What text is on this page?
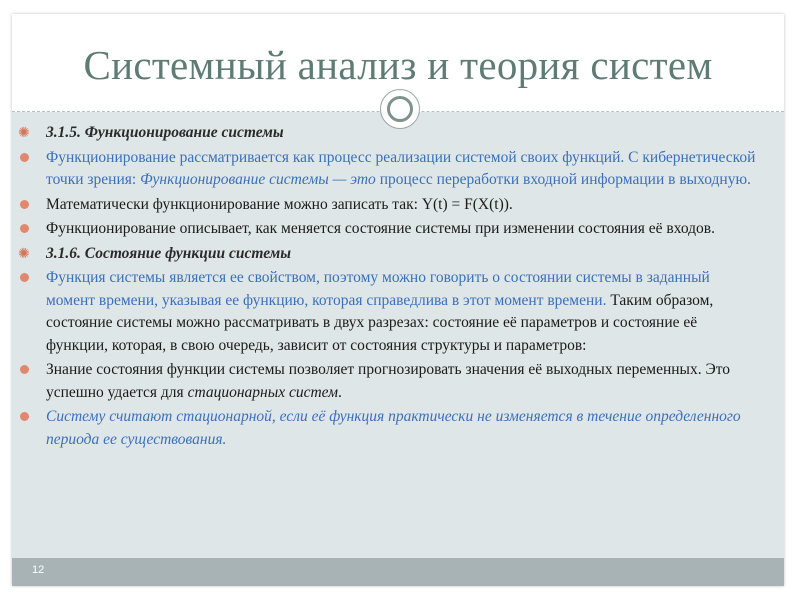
Системный анализ и теория систем
12
✺ 3.1.5. Функционирование системы
Функционирование рассматривается как процесс реализации системой своих функций. С кибернетической точки зрения: Функционирование системы — это процесс переработки входной информации в выходную.
Математически функционирование можно записать так: Y(t) = F(X(t)).
Функционирование описывает, как меняется состояние системы при изменении состояния её входов.
✺ 3.1.6. Состояние функции системы
Функция системы является ее свойством, поэтому можно говорить о состоянии системы в заданный момент времени, указывая ее функцию, которая справедлива в этот момент времени. Таким образом, состояние системы можно рассматривать в двух разрезах: состояние её параметров и состояние её функции, которая, в свою очередь, зависит от состояния структуры и параметров:
Знание состояния функции системы позволяет прогнозировать значения её выходных переменных. Это успешно удается для стационарных систем.
Систему считают стационарной, если её функция практически не изменяется в течение определенного периода ее существования.
